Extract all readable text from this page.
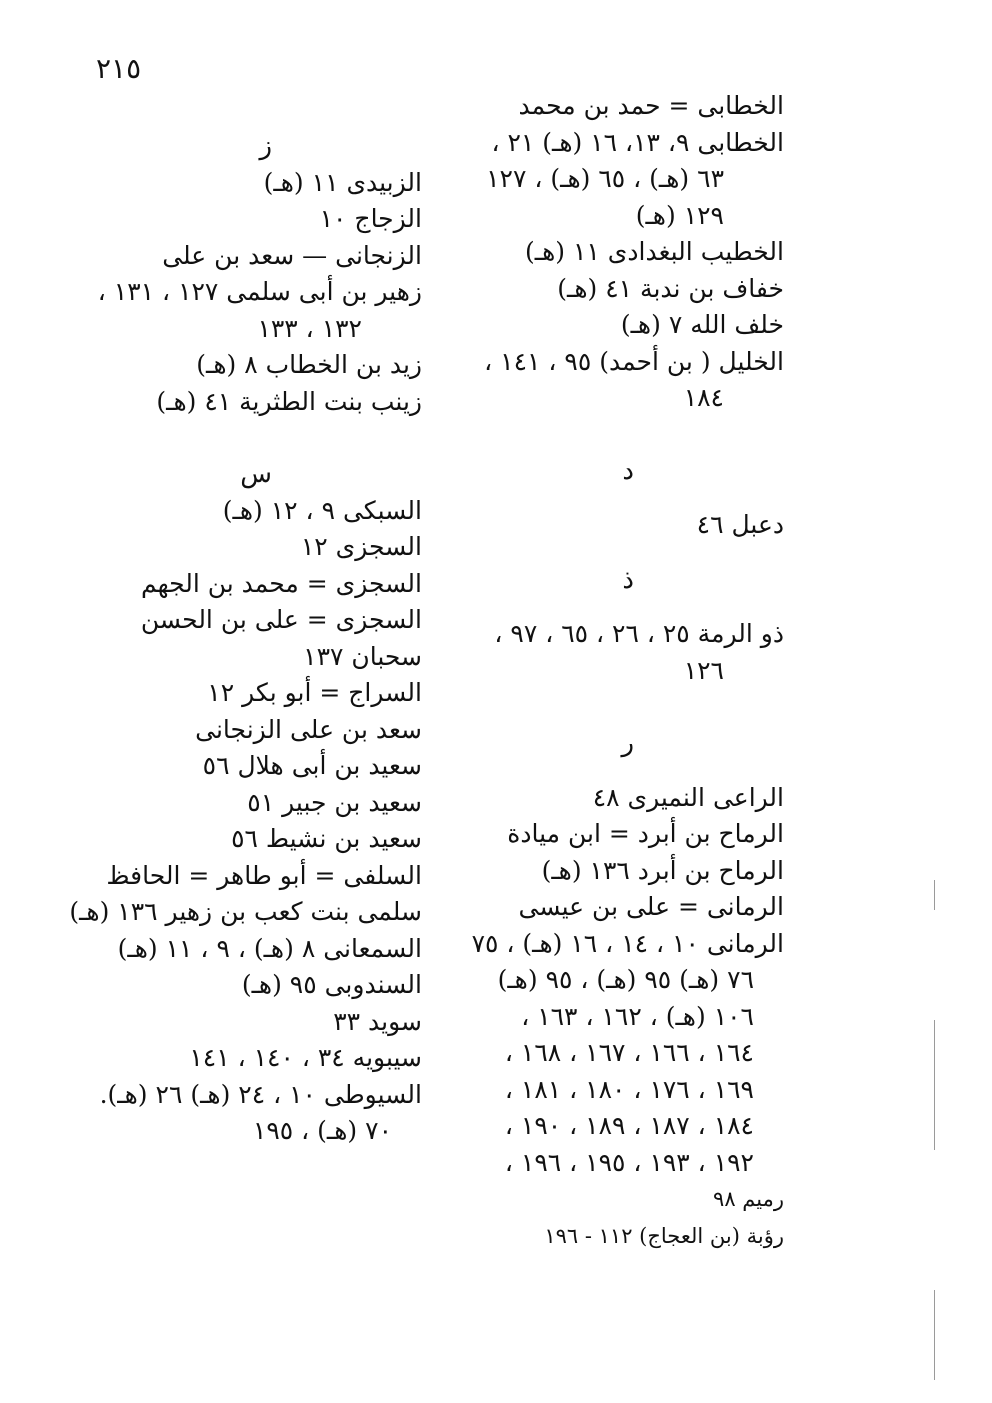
٢١٥
الخطابى = حمد بن محمد
الخطابى ٩، ١٣، ١٦ (هـ) ٢١ ،
٦٣ (هـ) ، ٦٥ (هـ) ، ١٢٧
١٢٩ (هـ)
الخطيب البغدادى ١١ (هـ)
خفاف بن ندبة ٤١ (هـ)
خلف الله ٧ (هـ)
الخليل ( بن أحمد) ٩٥ ، ١٤١ ،
١٨٤
د
دعبل ٤٦
ذ
ذو الرمة ٢٥ ، ٢٦ ، ٦٥ ، ٩٧ ،
١٢٦
ر
الراعى النميرى ٤٨
الرماح بن أبرد = ابن ميادة
الرماح بن أبرد ١٣٦ (هـ)
الرمانى = على بن عيسى
الرمانى ١٠ ، ١٤ ، ١٦ (هـ) ، ٧٥
٧٦ (هـ) ٩٥ (هـ) ، ٩٥ (هـ)
١٠٦ (هـ) ، ١٦٢ ، ١٦٣ ،
١٦٤ ، ١٦٦ ، ١٦٧ ، ١٦٨ ،
١٦٩ ، ١٧٦ ، ١٨٠ ، ١٨١ ،
١٨٤ ، ١٨٧ ، ١٨٩ ، ١٩٠ ،
١٩٢ ، ١٩٣ ، ١٩٥ ، ١٩٦ ،
رميم ٩٨
رؤبة (بن العجاج) ١١٢ - ١٩٦
ز
الزبيدى ١١ (هـ)
الزجاج ١٠
الزنجانى — سعد بن على
زهير بن أبى سلمى ١٢٧ ، ١٣١ ،
١٣٢ ، ١٣٣
زيد بن الخطاب ٨ (هـ)
زينب بنت الطثرية ٤١ (هـ)
س
السبكى ٩ ، ١٢ (هـ)
السجزى ١٢
السجزى = محمد بن الجهم
السجزى = على بن الحسن
سحبان ١٣٧
السراج = أبو بكر ١٢
سعد بن على الزنجانى
سعيد بن أبى هلال ٥٦
سعيد بن جبير ٥١
سعيد بن نشيط ٥٦
السلفى = أبو طاهر = الحافظ
سلمى بنت كعب بن زهير ١٣٦ (هـ)
السمعانى ٨ (هـ) ، ٩ ، ١١ (هـ)
السندوبى ٩٥ (هـ)
سويد ٣٣
سيبويه ٣٤ ، ١٤٠ ، ١٤١
السيوطى ١٠ ، ٢٤ (هـ) ٢٦ (هـ).
٧٠ (هـ) ، ١٩٥
